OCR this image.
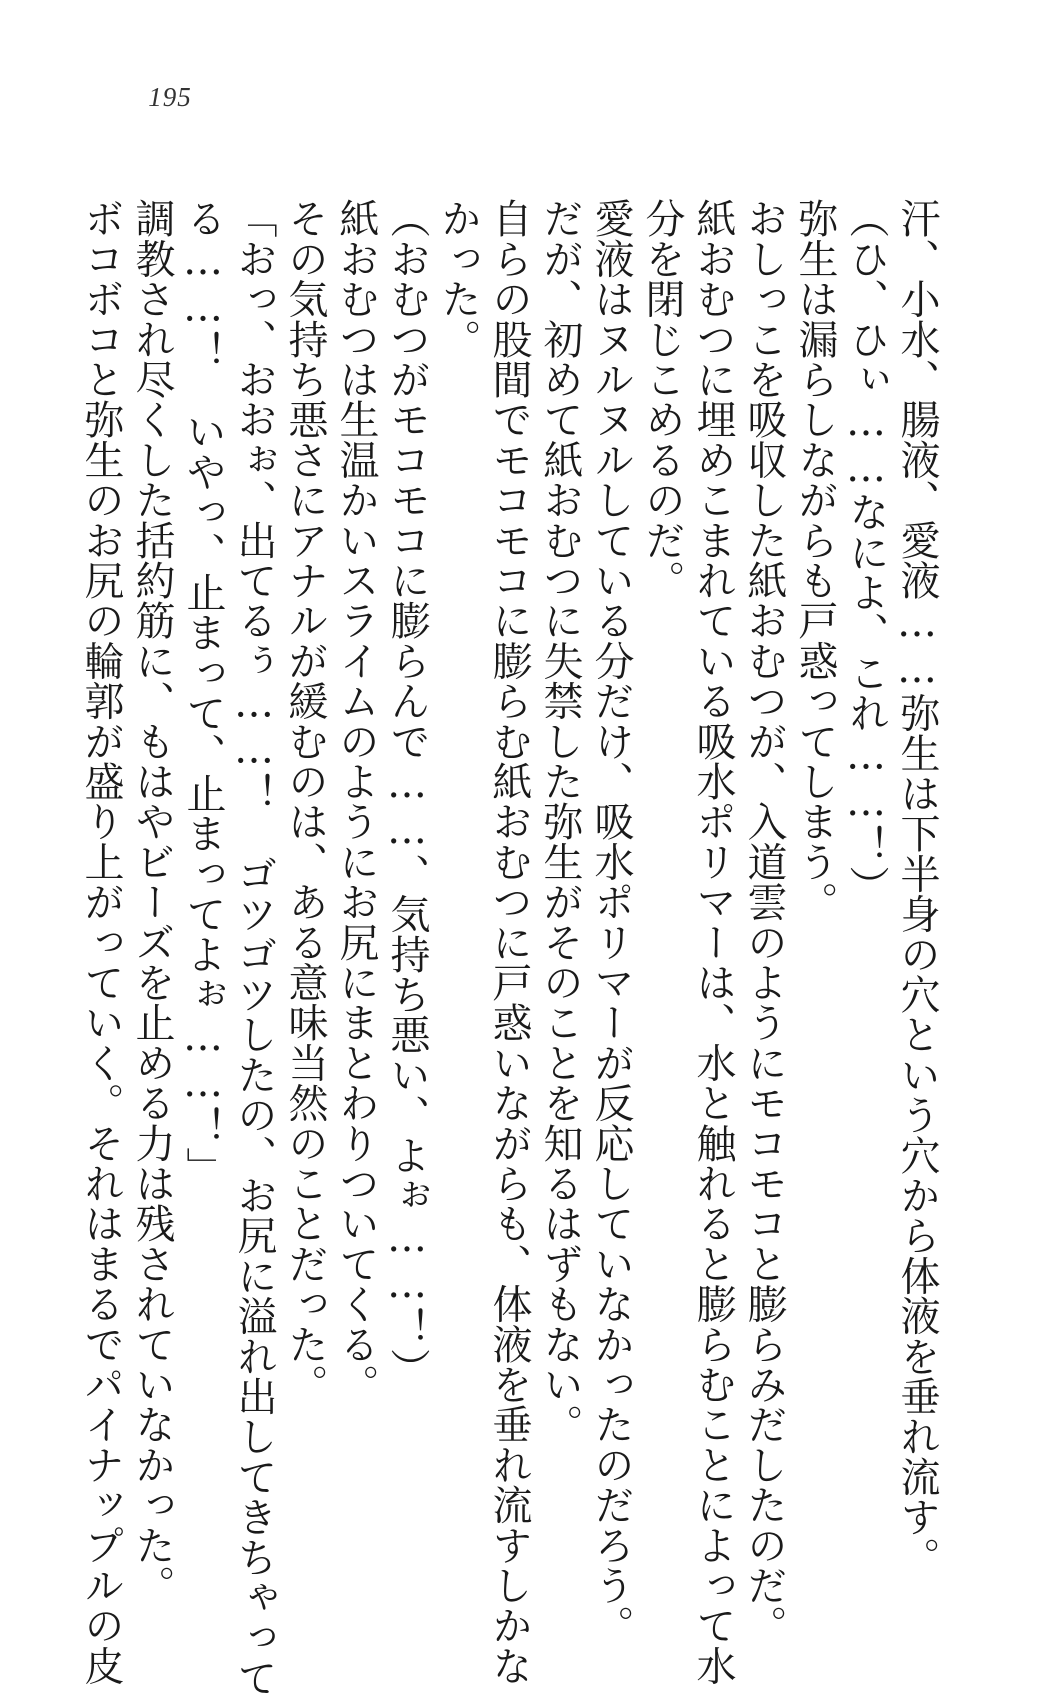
195
汗、小水、腸液、愛液……弥生は下半身の穴という穴から体液を垂れ流す。
（ひ、ひぃ……なによ、これ……！）
弥生は漏らしながらも戸惑ってしまう。
おしっこを吸収した紙おむつが、入道雲のようにモコモコと膨らみだしたのだ。
紙おむつに埋めこまれている吸水ポリマーは、水と触れると膨らむことによって水
分を閉じこめるのだ。
愛液はヌルヌルしている分だけ、吸水ポリマーが反応していなかったのだろう。
だが、初めて紙おむつに失禁した弥生がそのことを知るはずもない。
自らの股間でモコモコに膨らむ紙おむつに戸惑いながらも、体液を垂れ流すしかな
かった。
（おむつがモコモコに膨らんで……、気持ち悪い、よぉ……！）
紙おむつは生温かいスライムのようにお尻にまとわりついてくる。
その気持ち悪さにアナルが緩むのは、ある意味当然のことだった。
「おっ、おおぉ、出てるぅ……！　ゴツゴツしたの、お尻に溢れ出してきちゃって
る……！　いやっ、止まって、止まってよぉ……！」
調教され尽くした括約筋に、もはやビーズを止める力は残されていなかった。
ボコボコと弥生のお尻の輪郭が盛り上がっていく。それはまるでパイナップルの皮
